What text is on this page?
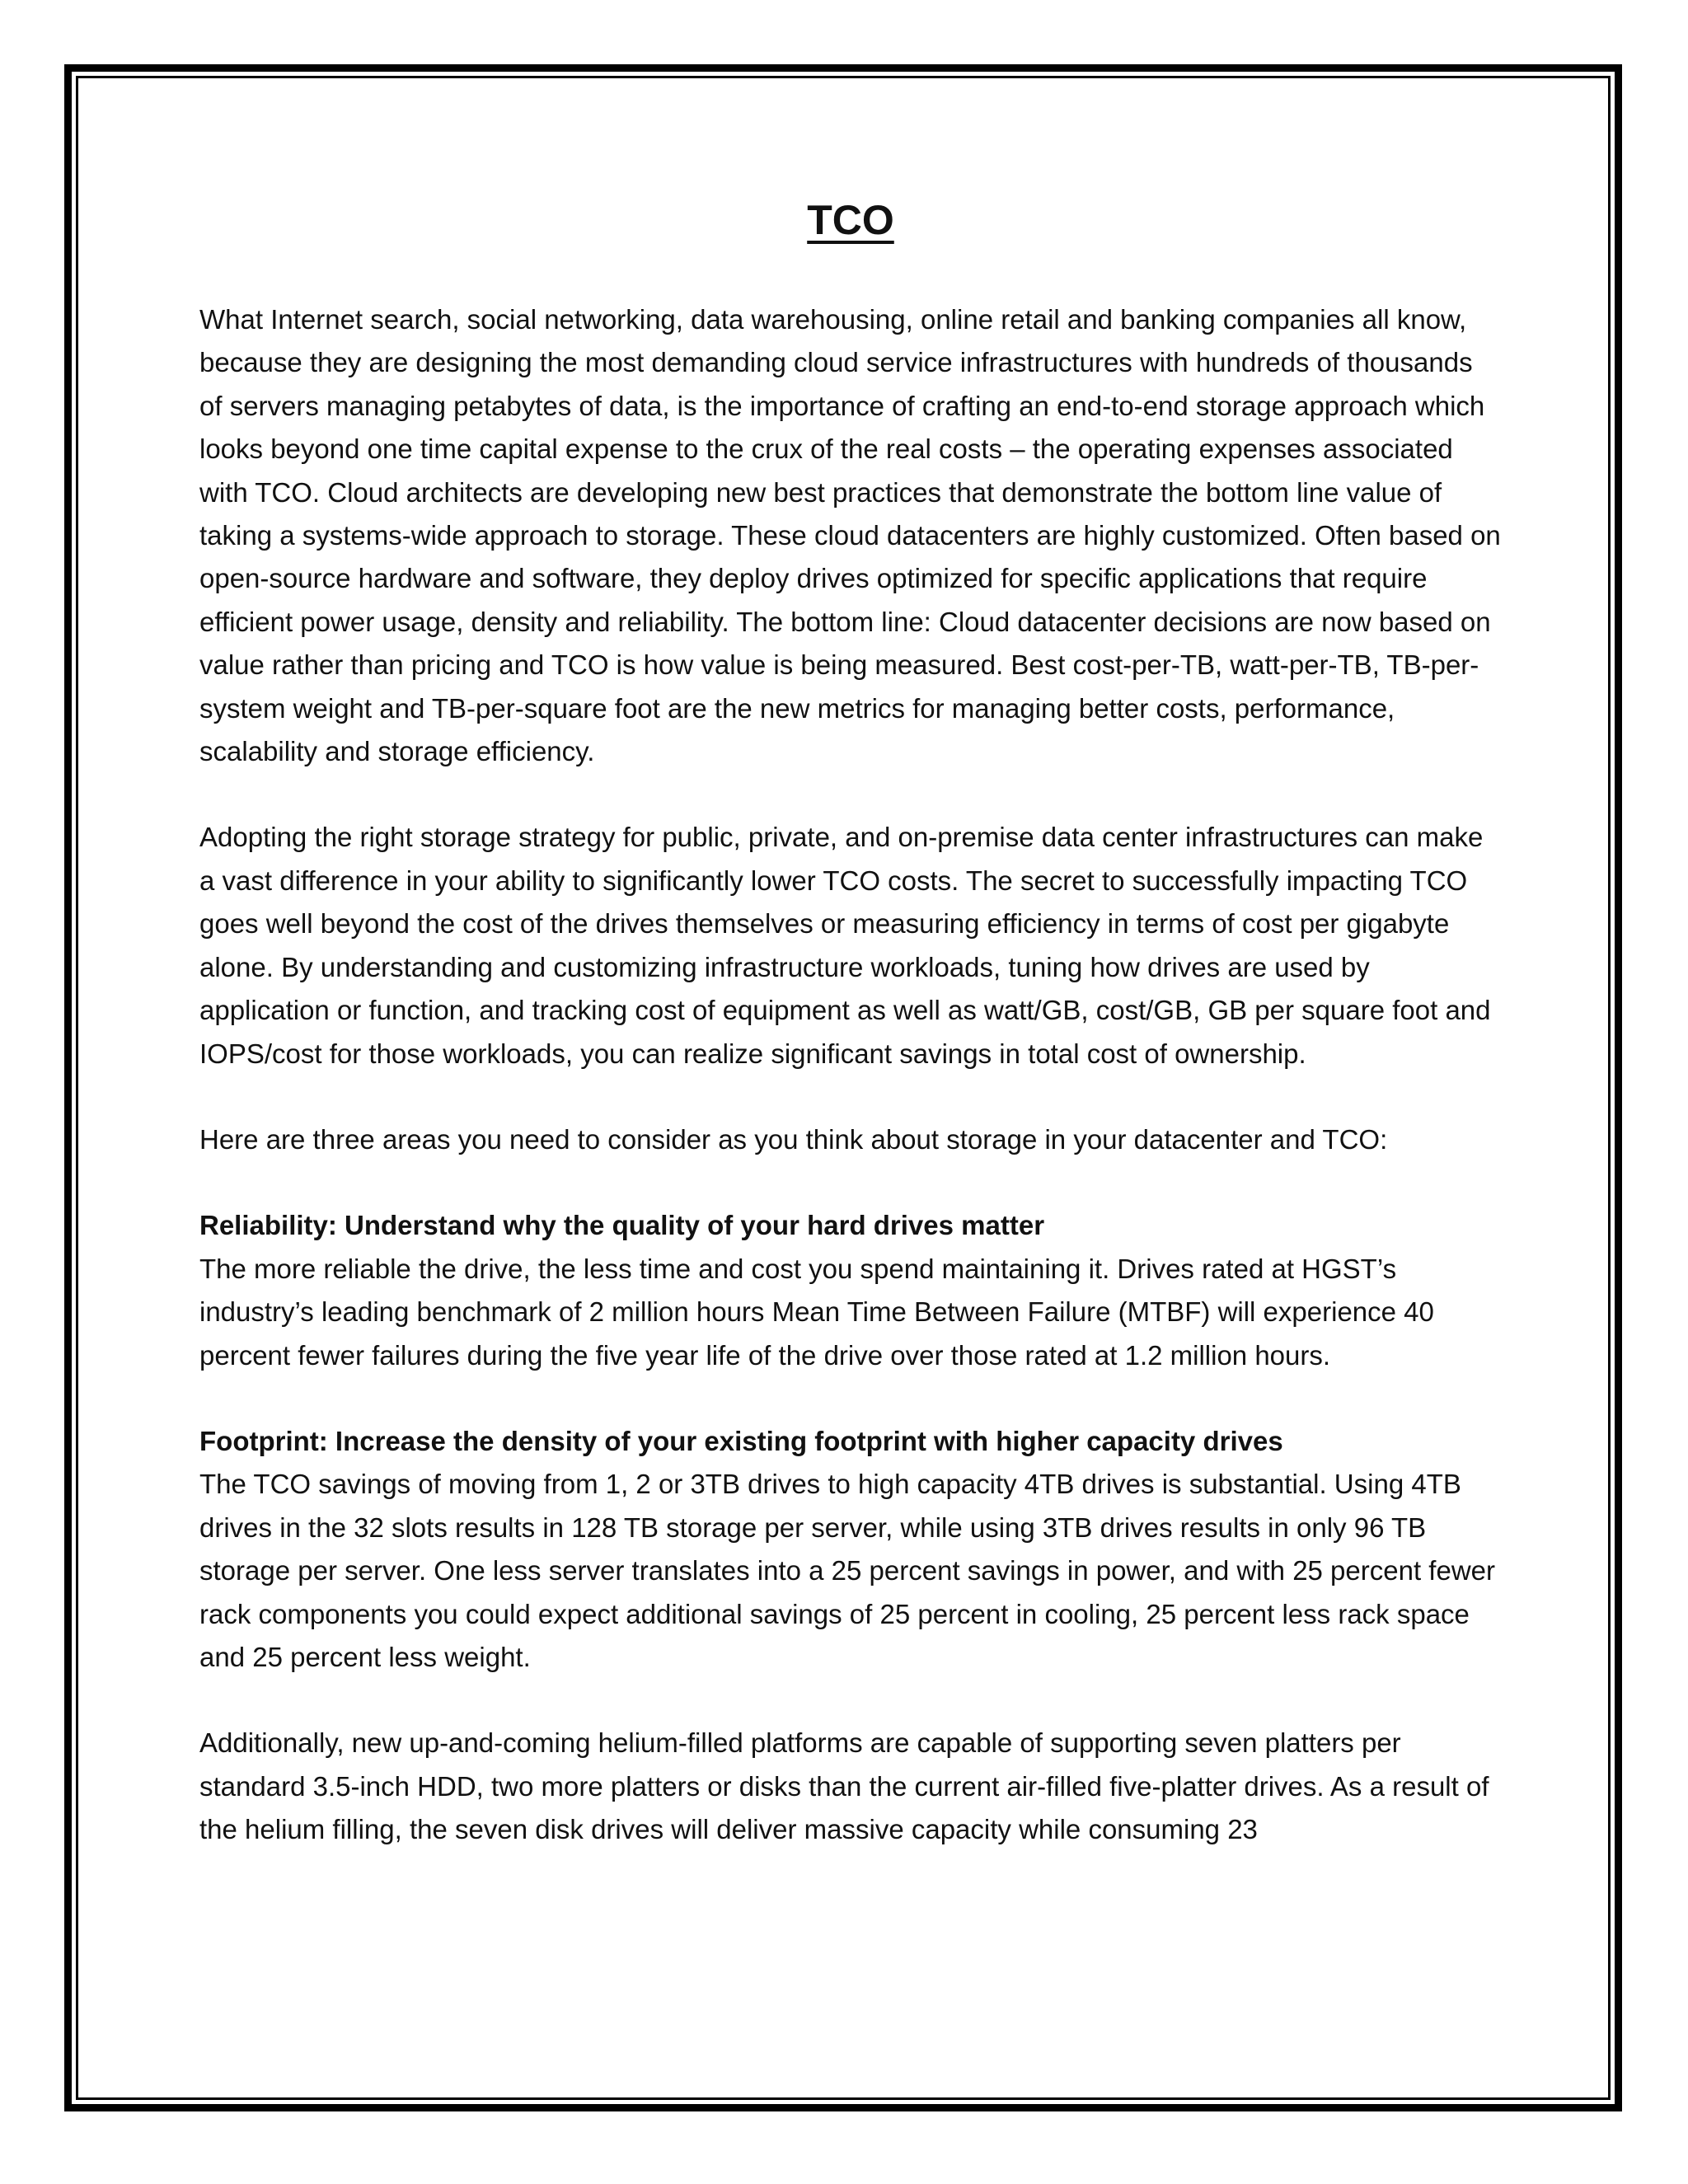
TCO

What Internet search, social networking, data warehousing, online retail and banking companies all know, because they are designing the most demanding cloud service infrastructures with hundreds of thousands of servers managing petabytes of data, is the importance of crafting an end-to-end storage approach which looks beyond one time capital expense to the crux of the real costs – the operating expenses associated with TCO. Cloud architects are developing new best practices that demonstrate the bottom line value of taking a systems-wide approach to storage. These cloud datacenters are highly customized. Often based on open-source hardware and software, they deploy drives optimized for specific applications that require efficient power usage, density and reliability. The bottom line: Cloud datacenter decisions are now based on value rather than pricing and TCO is how value is being measured. Best cost-per-TB, watt-per-TB, TB-per-system weight and TB-per-square foot are the new metrics for managing better costs, performance, scalability and storage efficiency.

Adopting the right storage strategy for public, private, and on-premise data center infrastructures can make a vast difference in your ability to significantly lower TCO costs. The secret to successfully impacting TCO goes well beyond the cost of the drives themselves or measuring efficiency in terms of cost per gigabyte alone. By understanding and customizing infrastructure workloads, tuning how drives are used by application or function, and tracking cost of equipment as well as watt/GB, cost/GB, GB per square foot and IOPS/cost for those workloads, you can realize significant savings in total cost of ownership.

Here are three areas you need to consider as you think about storage in your datacenter and TCO:

Reliability: Understand why the quality of your hard drives matter

The more reliable the drive, the less time and cost you spend maintaining it. Drives rated at HGST’s industry’s leading benchmark of 2 million hours Mean Time Between Failure (MTBF) will experience 40 percent fewer failures during the five year life of the drive over those rated at 1.2 million hours.

Footprint: Increase the density of your existing footprint with higher capacity drives

The TCO savings of moving from 1, 2 or 3TB drives to high capacity 4TB drives is substantial. Using 4TB drives in the 32 slots results in 128 TB storage per server, while using 3TB drives results in only 96 TB storage per server. One less server translates into a 25 percent savings in power, and with 25 percent fewer rack components you could expect additional savings of 25 percent in cooling, 25 percent less rack space and 25 percent less weight.

Additionally, new up-and-coming helium-filled platforms are capable of supporting seven platters per standard 3.5-inch HDD, two more platters or disks than the current air-filled five-platter drives. As a result of the helium filling, the seven disk drives will deliver massive capacity while consuming 23
